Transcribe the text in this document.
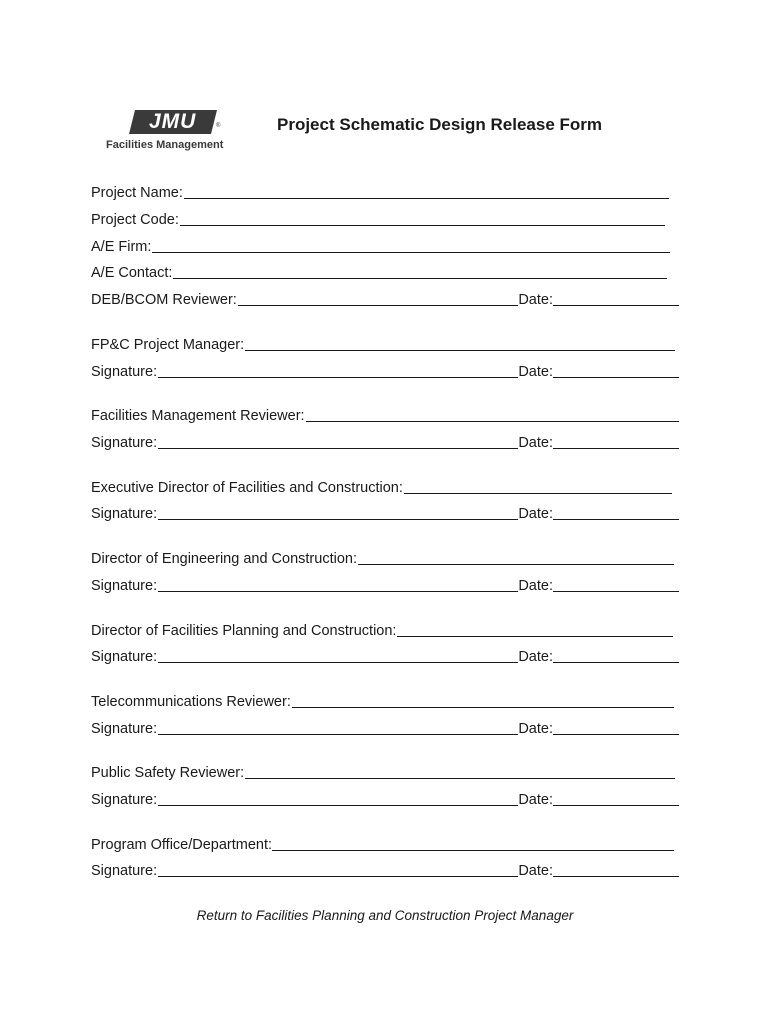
JMU	®
Facilities Management
Project Schematic Design Release Form
Project Name:
Project Code:
A/E Firm:
A/E Contact:
DEB/BCOM Reviewer:	Date:
FP&C Project Manager:
Signature:	Date:
Facilities Management Reviewer:
Signature:	Date:
Executive Director of Facilities and Construction:
Signature:	Date:
Director of Engineering and Construction:
Signature:	Date:
Director of Facilities Planning and Construction:
Signature:	Date:
Telecommunications Reviewer:
Signature:	Date:
Public Safety Reviewer:
Signature:	Date:
Program Office/Department:
Signature:	Date:
Return to Facilities Planning and Construction Project Manager
